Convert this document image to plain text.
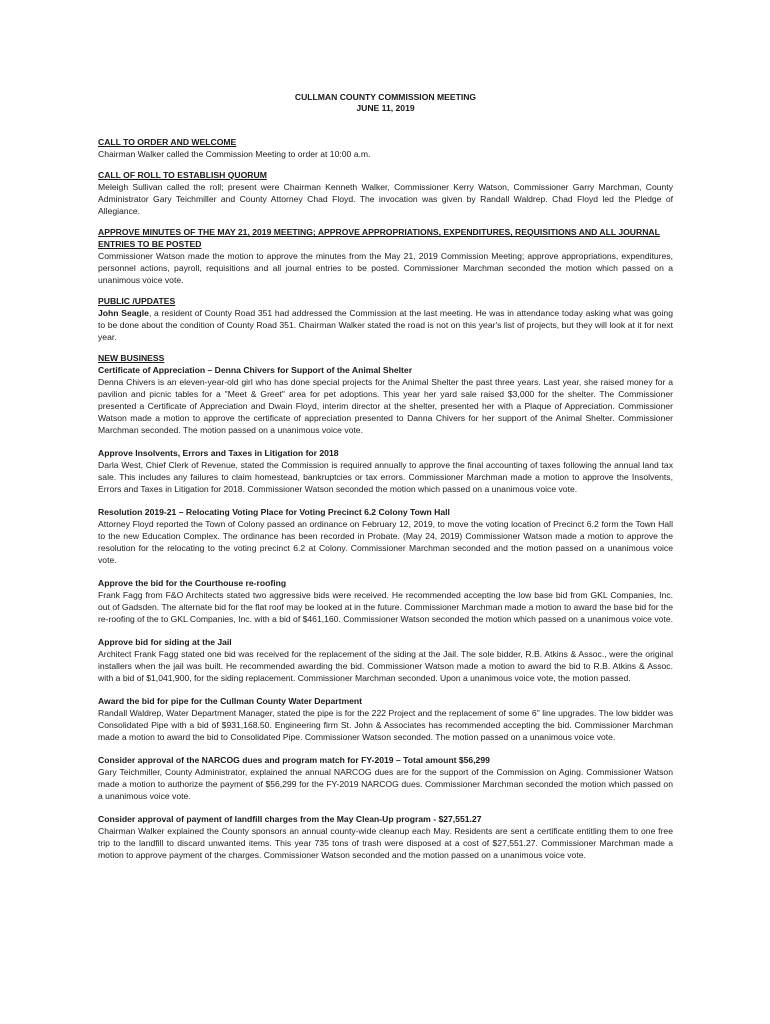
CULLMAN COUNTY COMMISSION MEETING
JUNE 11, 2019
CALL TO ORDER AND WELCOME

Chairman Walker called the Commission Meeting to order at 10:00 a.m.

CALL OF ROLL TO ESTABLISH QUORUM

Meleigh Sullivan called the roll; present were Chairman Kenneth Walker, Commissioner Kerry Watson, Commissioner Garry Marchman, County Administrator Gary Teichmiller and County Attorney Chad Floyd. The invocation was given by Randall Waldrep. Chad Floyd led the Pledge of Allegiance.

APPROVE MINUTES OF THE MAY 21, 2019 MEETING; APPROVE APPROPRIATIONS, EXPENDITURES, REQUISITIONS AND ALL JOURNAL ENTRIES TO BE POSTED

Commissioner Watson made the motion to approve the minutes from the May 21, 2019 Commission Meeting; approve appropriations, expenditures, personnel actions, payroll, requisitions and all journal entries to be posted. Commissioner Marchman seconded the motion which passed on a unanimous voice vote.

PUBLIC /UPDATES

John Seagle, a resident of County Road 351 had addressed the Commission at the last meeting. He was in attendance today asking what was going to be done about the condition of County Road 351. Chairman Walker stated the road is not on this year's list of projects, but they will look at it for next year.

NEW BUSINESS
Certificate of Appreciation – Denna Chivers for Support of the Animal Shelter

Denna Chivers is an eleven-year-old girl who has done special projects for the Animal Shelter the past three years. Last year, she raised money for a pavilion and picnic tables for a "Meet & Greet" area for pet adoptions. This year her yard sale raised $3,000 for the shelter. The Commissioner presented a Certificate of Appreciation and Dwain Floyd, interim director at the shelter, presented her with a Plaque of Appreciation. Commissioner Watson made a motion to approve the certificate of appreciation presented to Danna Chivers for her support of the Animal Shelter. Commissioner Marchman seconded. The motion passed on a unanimous voice vote.

Approve Insolvents, Errors and Taxes in Litigation for 2018

Darla West, Chief Clerk of Revenue, stated the Commission is required annually to approve the final accounting of taxes following the annual land tax sale. This includes any failures to claim homestead, bankruptcies or tax errors. Commissioner Marchman made a motion to approve the Insolvents, Errors and Taxes in Litigation for 2018. Commissioner Watson seconded the motion which passed on a unanimous voice vote.

Resolution 2019-21 – Relocating Voting Place for Voting Precinct 6.2 Colony Town Hall

Attorney Floyd reported the Town of Colony passed an ordinance on February 12, 2019, to move the voting location of Precinct 6.2 form the Town Hall to the new Education Complex. The ordinance has been recorded in Probate. (May 24, 2019) Commissioner Watson made a motion to approve the resolution for the relocating to the voting precinct 6.2 at Colony. Commissioner Marchman seconded and the motion passed on a unanimous voice vote.

Approve the bid for the Courthouse re-roofing

Frank Fagg from F&O Architects stated two aggressive bids were received. He recommended accepting the low base bid from GKL Companies, Inc. out of Gadsden. The alternate bid for the flat roof may be looked at in the future. Commissioner Marchman made a motion to award the base bid for the re-roofing of the to GKL Companies, Inc. with a bid of $461,160. Commissioner Watson seconded the motion which passed on a unanimous voice vote.

Approve bid for siding at the Jail

Architect Frank Fagg stated one bid was received for the replacement of the siding at the Jail. The sole bidder, R.B. Atkins & Assoc., were the original installers when the jail was built. He recommended awarding the bid. Commissioner Watson made a motion to award the bid to R.B. Atkins & Assoc. with a bid of $1,041,900, for the siding replacement. Commissioner Marchman seconded. Upon a unanimous voice vote, the motion passed.

Award the bid for pipe for the Cullman County Water Department

Randall Waldrep, Water Department Manager, stated the pipe is for the 222 Project and the replacement of some 6" line upgrades. The low bidder was Consolidated Pipe with a bid of $931,168.50. Engineering firm St. John & Associates has recommended accepting the bid. Commissioner Marchman made a motion to award the bid to Consolidated Pipe. Commissioner Watson seconded. The motion passed on a unanimous voice vote.

Consider approval of the NARCOG dues and program match for FY-2019 – Total amount $56,299

Gary Teichmiller, County Administrator, explained the annual NARCOG dues are for the support of the Commission on Aging. Commissioner Watson made a motion to authorize the payment of $56,299 for the FY-2019 NARCOG dues. Commissioner Marchman seconded the motion which passed on a unanimous voice vote.

Consider approval of payment of landfill charges from the May Clean-Up program - $27,551.27

Chairman Walker explained the County sponsors an annual county-wide cleanup each May. Residents are sent a certificate entitling them to one free trip to the landfill to discard unwanted items. This year 735 tons of trash were disposed at a cost of $27,551.27. Commissioner Marchman made a motion to approve payment of the charges. Commissioner Watson seconded and the motion passed on a unanimous voice vote.
